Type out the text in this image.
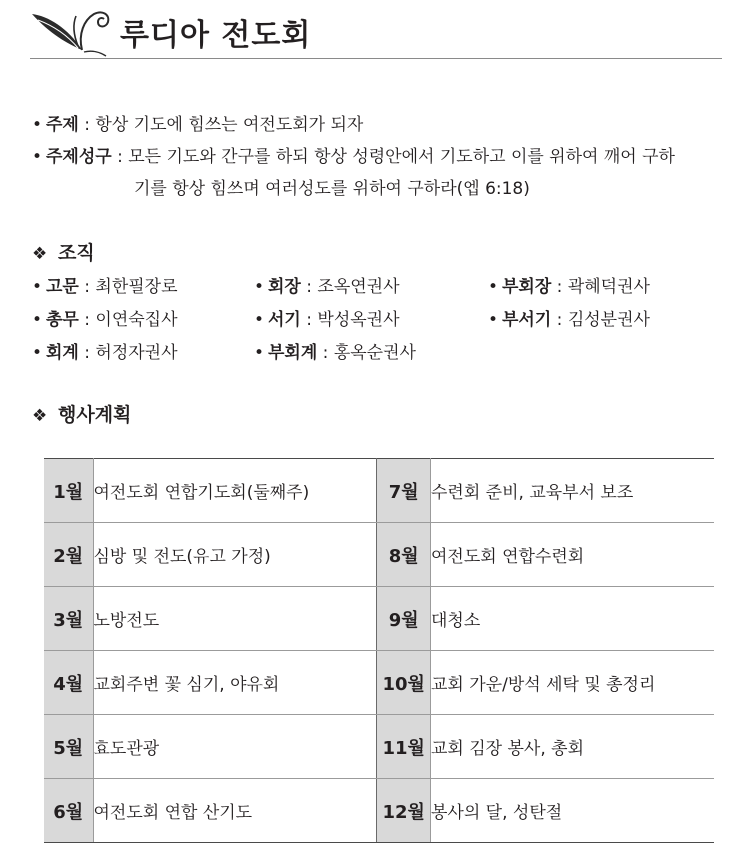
루디아 전도회
• 주제 : 항상 기도에 힘쓰는 여전도회가 되자
• 주제성구 : 모든 기도와 간구를 하되 항상 성령안에서 기도하고 이를 위하여 깨어 구하
기를 항상 힘쓰며 여러성도를 위하여 구하라(엡 6:18)
❖ 조직
• 고문 : 최한필장로	• 회장 : 조옥연권사	• 부회장 : 곽혜덕권사
• 총무 : 이연숙집사	• 서기 : 박성옥권사	• 부서기 : 김성분권사
• 회계 : 허정자권사	• 부회계 : 홍옥순권사
❖ 행사계획
1월	여전도회 연합기도회(둘째주)	7월	수련회 준비, 교육부서 보조
2월	심방 및 전도(유고 가정)	8월	여전도회 연합수련회
3월	노방전도	9월	대청소
4월	교회주변 꽃 심기, 야유회	10월	교회 가운/방석 세탁 및 총정리
5월	효도관광	11월	교회 김장 봉사, 총회
6월	여전도회 연합 산기도	12월	봉사의 달, 성탄절
